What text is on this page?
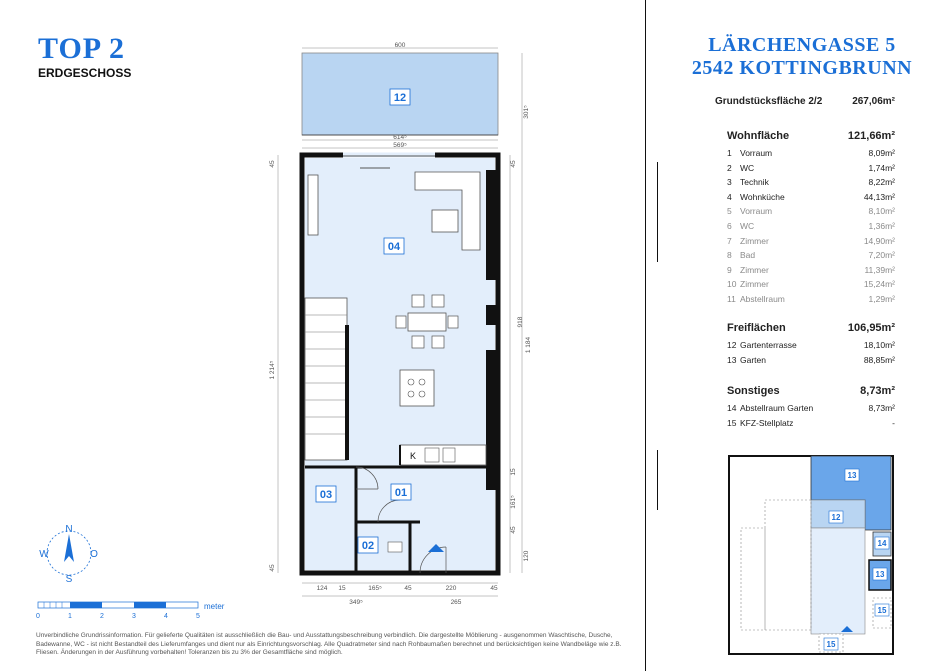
TOP 2
ERDGESCHOSS
LÄRCHENGASSE 5
2542 KOTTINGBRUNN
Grundstücksfläche 2/2	267,06m²
Wohnfläche	121,66m²
1 Vorraum	8,09m²
2 WC	1,74m²
3 Technik	8,22m²
4 Wohnküche	44,13m²
5 Vorraum	8,10m²
6 WC	1,36m²
7 Zimmer	14,90m²
8 Bad	7,20m²
9 Zimmer	11,39m²
10 Zimmer	15,24m²
11 Abstellraum	1,29m²
Freiflächen	106,95m²
12 Gartenterrasse	18,10m²
13 Garten	88,85m²
Sonstiges	8,73m²
14 Abstellraum Garten	8,73m²
15 KFZ-Stellplatz	-
K
12
04
03	01
02
600
614⁵
569⁵
301⁵
918
1 184
45
15
161⁵
45
120
45
1 214⁵
45
124 15	165⁵	45	220	45
349⁵	265
N
S
W	O
0	1	2	3	4	5
meter
Unverbindliche Grundrissinformation. Für gelieferte Qualitäten ist ausschließlich die Bau- und Ausstattungsbeschreibung verbindlich. Die dargestellte Möblierung - ausgenommen Waschtische, Dusche, Badewanne, WC - ist nicht Bestandteil des Lieferumfanges und dient nur als Einrichtungsvorschlag. Alle Quadratmeter sind nach Rohbaumaßen berechnet und berücksichtigen keine Wandbeläge wie z.B. Fliesen. Änderungen in der Ausführung vorbehalten! Toleranzen bis zu 3% der Gesamtfläche sind möglich.
13
12
14
13
15
15
